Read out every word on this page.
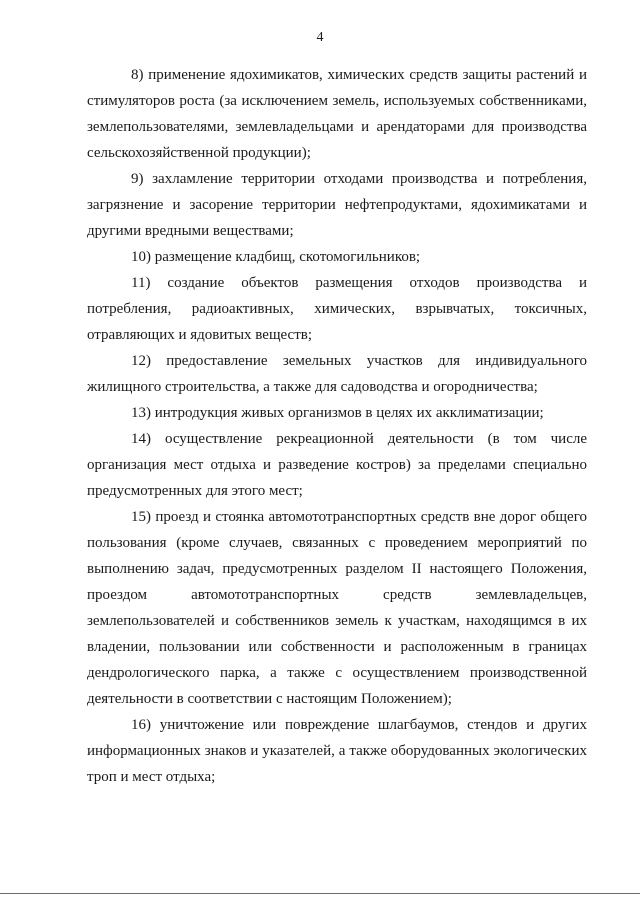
4

8) применение ядохимикатов, химических средств защиты растений и стимуляторов роста (за исключением земель, используемых собственниками, землепользователями, землевладельцами и арендаторами для производства сельскохозяйственной продукции);

9) захламление территории отходами производства и потребления, загрязнение и засорение территории нефтепродуктами, ядохимикатами и другими вредными веществами;

10) размещение кладбищ, скотомогильников;

11) создание объектов размещения отходов производства и потребления, радиоактивных, химических, взрывчатых, токсичных, отравляющих и ядовитых веществ;

12) предоставление земельных участков для индивидуального жилищного строительства, а также для садоводства и огородничества;

13) интродукция живых организмов в целях их акклиматизации;

14) осуществление рекреационной деятельности (в том числе организация мест отдыха и разведение костров) за пределами специально предусмотренных для этого мест;

15) проезд и стоянка автомототранспортных средств вне дорог общего пользования (кроме случаев, связанных с проведением мероприятий по выполнению задач, предусмотренных разделом II настоящего Положения, проездом автомототранспортных средств землевладельцев, землепользователей и собственников земель к участкам, находящимся в их владении, пользовании или собственности и расположенным в границах дендрологического парка, а также с осуществлением производственной деятельности в соответствии с настоящим Положением);

16) уничтожение или повреждение шлагбаумов, стендов и других информационных знаков и указателей, а также оборудованных экологических троп и мест отдыха;
